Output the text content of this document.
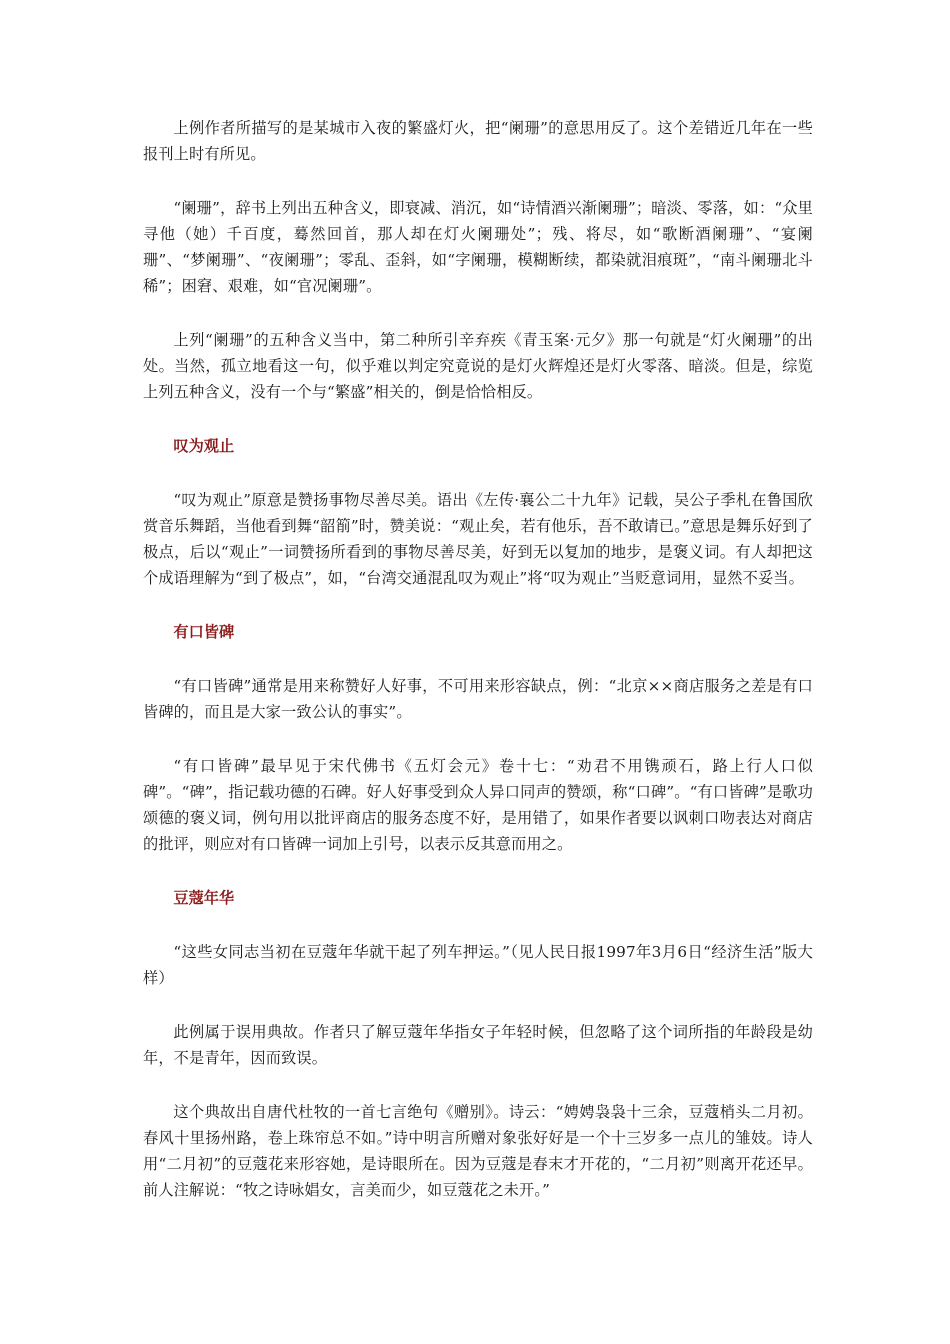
上例作者所描写的是某城市入夜的繁盛灯火，把“阑珊”的意思用反了。这个差错近几年在一些报刊上时有所见。

“阑珊”，辞书上列出五种含义，即衰减、消沉，如“诗情酒兴渐阑珊”；暗淡、零落，如：“众里寻他（她）千百度，蓦然回首，那人却在灯火阑珊处”；残、将尽，如“歌断酒阑珊”、“宴阑珊”、“梦阑珊”、“夜阑珊”；零乱、歪斜，如“字阑珊，模糊断续，都染就泪痕斑”，“南斗阑珊北斗稀”；困窘、艰难，如“官况阑珊”。

上列“阑珊”的五种含义当中，第二种所引辛弃疾《青玉案·元夕》那一句就是“灯火阑珊”的出处。当然，孤立地看这一句，似乎难以判定究竟说的是灯火辉煌还是灯火零落、暗淡。但是，综览上列五种含义，没有一个与“繁盛”相关的，倒是恰恰相反。

叹为观止

“叹为观止”原意是赞扬事物尽善尽美。语出《左传·襄公二十九年》记载，吴公子季札在鲁国欣赏音乐舞蹈，当他看到舞“韶箾”时，赞美说：“观止矣，若有他乐，吾不敢请已。”意思是舞乐好到了极点，后以“观止”一词赞扬所看到的事物尽善尽美，好到无以复加的地步，是褒义词。有人却把这个成语理解为“到了极点”，如，“台湾交通混乱叹为观止”将“叹为观止”当贬意词用，显然不妥当。

有口皆碑

“有口皆碑”通常是用来称赞好人好事，不可用来形容缺点，例：“北京××商店服务之差是有口皆碑的，而且是大家一致公认的事实”。

“有口皆碑”最早见于宋代佛书《五灯会元》卷十七：“劝君不用镌顽石，路上行人口似碑”。“碑”，指记载功德的石碑。好人好事受到众人异口同声的赞颂，称“口碑”。“有口皆碑”是歌功颂德的褒义词，例句用以批评商店的服务态度不好，是用错了，如果作者要以讽刺口吻表达对商店的批评，则应对有口皆碑一词加上引号，以表示反其意而用之。

豆蔻年华

“这些女同志当初在豆蔻年华就干起了列车押运。”（见人民日报1997年3月6日“经济生活”版大样）

此例属于误用典故。作者只了解豆蔻年华指女子年轻时候，但忽略了这个词所指的年龄段是幼年，不是青年，因而致误。

这个典故出自唐代杜牧的一首七言绝句《赠别》。诗云：“娉娉袅袅十三余，豆蔻梢头二月初。春风十里扬州路，卷上珠帘总不如。”诗中明言所赠对象张好好是一个十三岁多一点儿的雏妓。诗人用“二月初”的豆蔻花来形容她，是诗眼所在。因为豆蔻是春末才开花的，“二月初”则离开花还早。前人注解说：“牧之诗咏娼女，言美而少，如豆蔻花之未开。”
